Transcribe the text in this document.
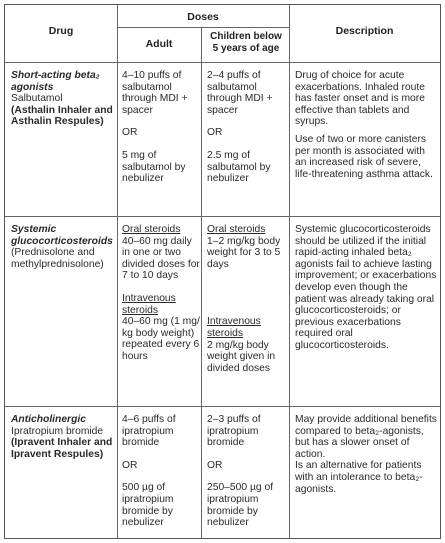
Drug
Doses
Adult
Children below 5 years of age
Description
Short-acting beta₂ agonists
Salbutamol
(Asthalin Inhaler and Asthalin Respules)
4–10 puffs of salbutamol through MDI + spacer
OR
5 mg of salbutamol by nebulizer
2–4 puffs of salbutamol through MDI + spacer
OR
2.5 mg of salbutamol by nebulizer
Drug of choice for acute exacerbations. Inhaled route has faster onset and is more effective than tablets and syrups.
Use of two or more canisters per month is associated with an increased risk of severe, life-threatening asthma attack.
Systemic glucocorticosteroids
(Prednisolone and methylprednisolone)
Oral steroids
40–60 mg daily in one or two divided doses for 7 to 10 days
Intravenous steroids
40–60 mg (1 mg/ kg body weight) repeated every 6 hours
Oral steroids
1–2 mg/kg body weight for 3 to 5 days
Intravenous steroids
2 mg/kg body weight given in divided doses
Systemic glucocorticosteroids should be utilized if the initial rapid-acting inhaled beta₂ agonists fail to achieve lasting improvement; or exacerbations develop even though the patient was already taking oral glucocorticosteroids; or previous exacerbations required oral glucocorticosteroids.
Anticholinergic
Ipratropium bromide
(Ipravent Inhaler and Ipravent Respules)
4–6 puffs of ipratropium bromide
OR
500 µg of ipratropium bromide by nebulizer
2–3 puffs of ipratropium bromide
OR
250–500 µg of ipratropium bromide by nebulizer
May provide additional benefits compared to beta₂-agonists, but has a slower onset of action.
Is an alternative for patients with an intolerance to beta₂-agonists.
